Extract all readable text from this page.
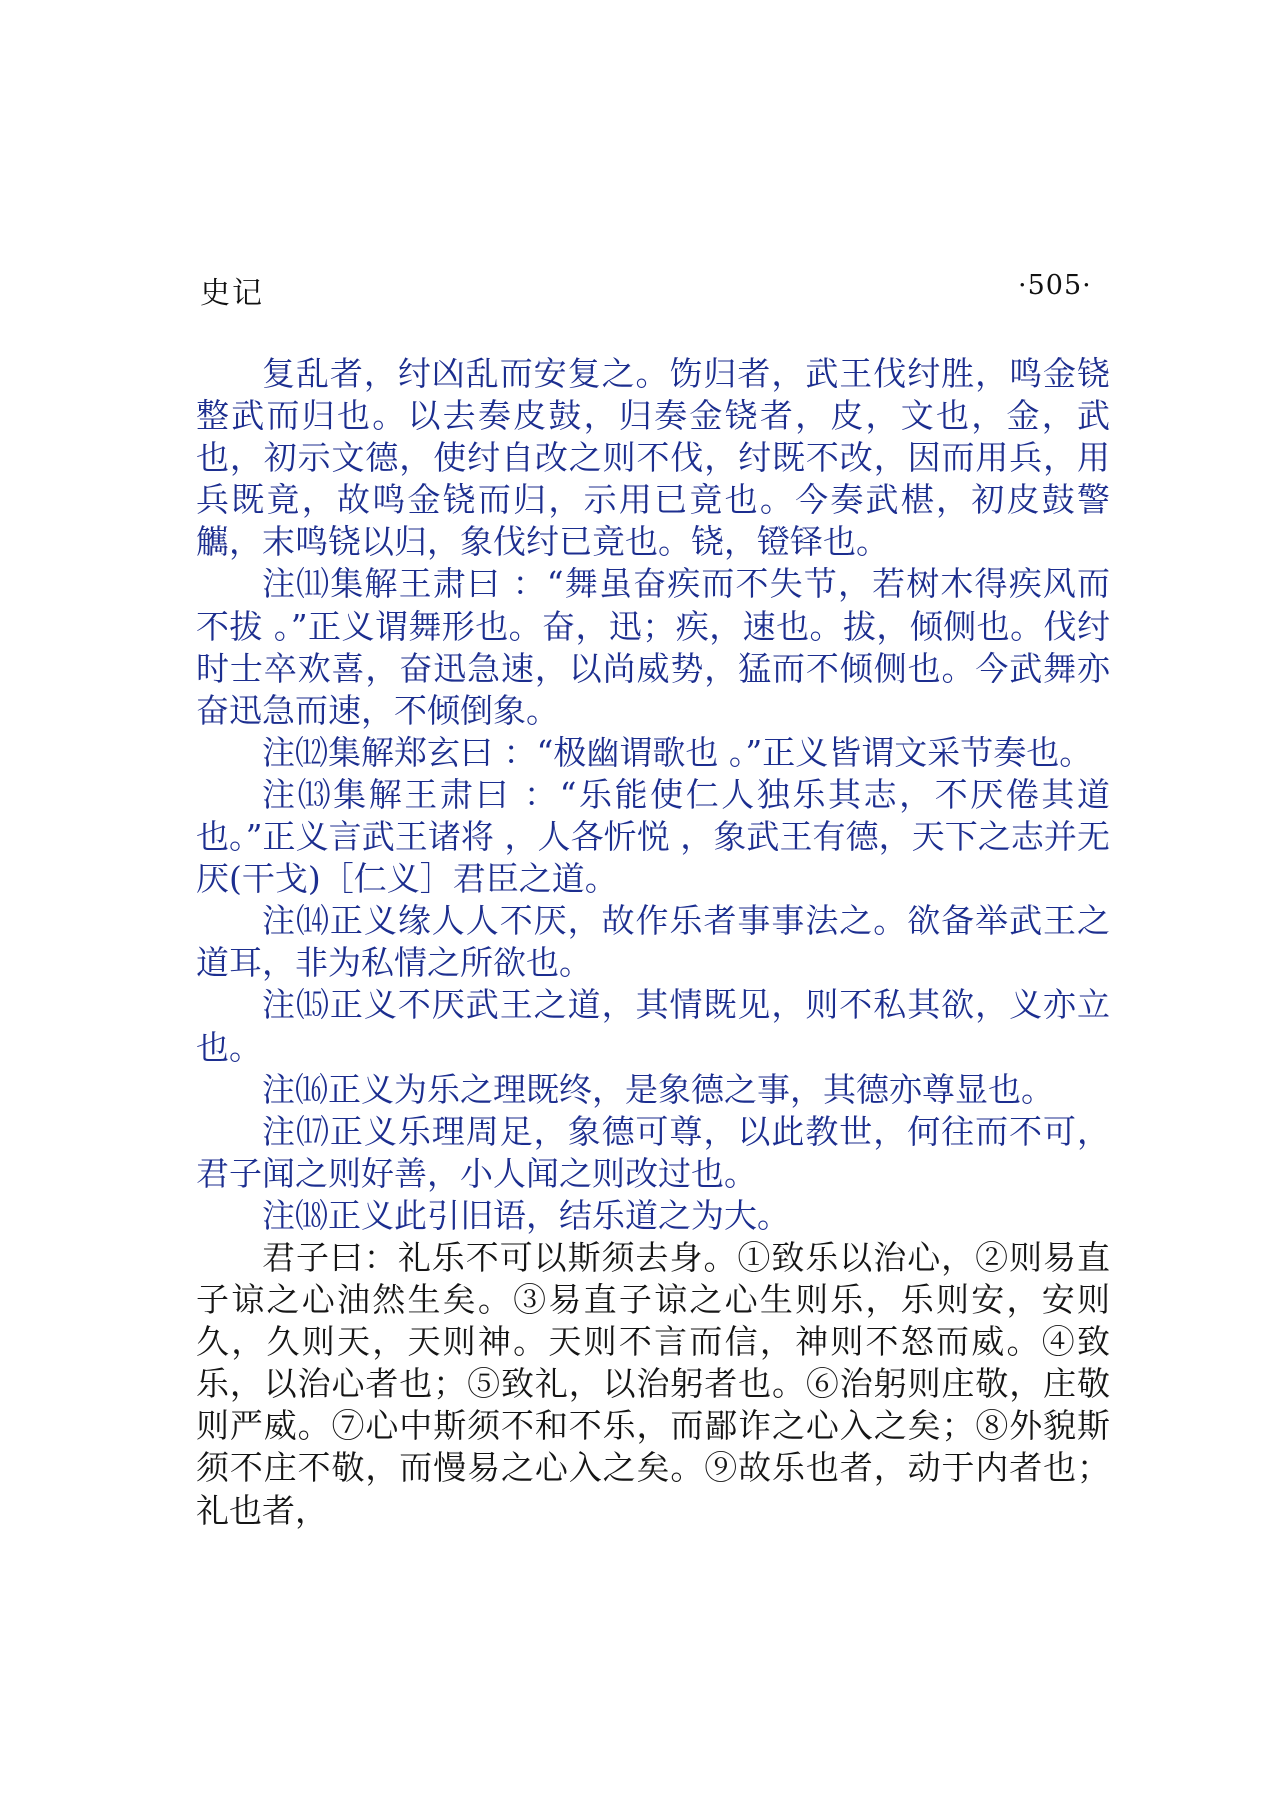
史记	·505·

复乱者，纣凶乱而安复之。饬归者，武王伐纣胜，鸣金铙整武而归也。以去奏皮鼓，归奏金铙者，皮，文也，金，武也，初示文德，使纣自改之则不伐，纣既不改，因而用兵，用兵既竟，故鸣金铙而归，示用已竟也。今奏武椹，初皮鼓警觽，末鸣铙以归，象伐纣已竟也。铙，镫铎也。

注⑾集解王肃曰 ：“舞虽奋疾而不失节，若树木得疾风而不拔 。”正义谓舞形也。奋，迅；疾，速也。拔，倾侧也。伐纣时士卒欢喜，奋迅急速，以尚威势，猛而不倾侧也。今武舞亦奋迅急而速，不倾倒象。

注⑿集解郑玄曰 ：“极幽谓歌也 。”正义皆谓文采节奏也。

注⒀集解王肃曰 ：“乐能使仁人独乐其志，不厌倦其道也。”正义言武王诸将 ，人各忻悦 ，象武王有德，天下之志并无厌(干戈)［仁义］君臣之道。

注⒁正义缘人人不厌，故作乐者事事法之。欲备举武王之道耳，非为私情之所欲也。

注⒂正义不厌武王之道，其情既见，则不私其欲，义亦立也。

注⒃正义为乐之理既终，是象德之事，其德亦尊显也。

注⒄正义乐理周足，象德可尊，以此教世，何往而不可，君子闻之则好善，小人闻之则改过也。

注⒅正义此引旧语，结乐道之为大。

君子曰：礼乐不可以斯须去身。①致乐以治心，②则易直子谅之心油然生矣。③易直子谅之心生则乐，乐则安，安则久，久则天，天则神。天则不言而信，神则不怒而威。④致乐，以治心者也；⑤致礼，以治躬者也。⑥治躬则庄敬，庄敬则严威。⑦心中斯须不和不乐，而鄙诈之心入之矣；⑧外貌斯须不庄不敬，而慢易之心入之矣。⑨故乐也者，动于内者也；礼也者，
